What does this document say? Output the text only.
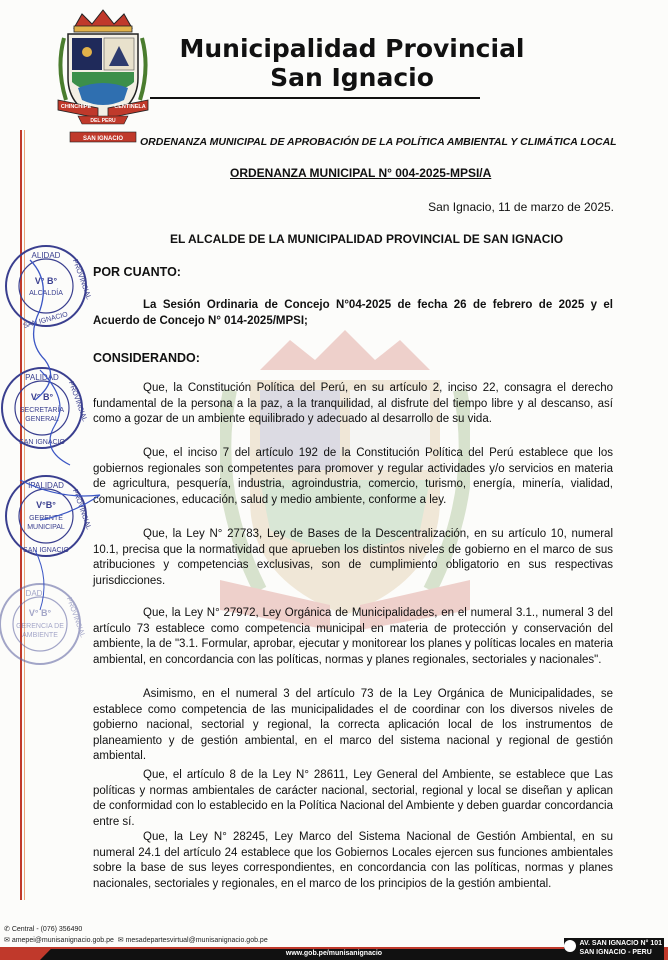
CHINCHIPE	CENTINELA
DEL PERU
SAN IGNACIO
Municipalidad Provincial
San Ignacio
ORDENANZA MUNICIPAL DE APROBACIÓN DE LA POLÍTICA AMBIENTAL Y CLIMÁTICA LOCAL
ORDENANZA MUNICIPAL N° 004-2025-MPSI/A
San Ignacio, 11 de marzo de 2025.
EL ALCALDE DE LA MUNICIPALIDAD PROVINCIAL DE SAN IGNACIO
POR CUANTO:

La Sesión Ordinaria de Concejo N°04-2025 de fecha 26 de febrero de 2025 y el Acuerdo de Concejo N° 014-2025/MPSI;

CONSIDERANDO:

Que, la Constitución Política del Perú, en su artículo 2, inciso 22, consagra el derecho fundamental de la persona a la paz, a la tranquilidad, al disfrute del tiempo libre y al descanso, así como a gozar de un ambiente equilibrado y adecuado al desarrollo de su vida.

Que, el inciso 7 del artículo 192 de la Constitución Política del Perú establece que los gobiernos regionales son competentes para promover y regular actividades y/o servicios en materia de agricultura, pesquería, industria, agroindustria, comercio, turismo, energía, minería, vialidad, comunicaciones, educación, salud y medio ambiente, conforme a ley.

Que, la Ley N° 27783, Ley de Bases de la Descentralización, en su artículo 10, numeral 10.1, precisa que la normatividad que aprueben los distintos niveles de gobierno en el marco de sus atribuciones y competencias exclusivas, son de cumplimiento obligatorio en sus respectivas jurisdicciones.

Que, la Ley N° 27972, Ley Orgánica de Municipalidades, en el numeral 3.1., numeral 3 del artículo 73 establece como competencia municipal en materia de protección y conservación del ambiente, la de "3.1. Formular, aprobar, ejecutar y monitorear los planes y políticas locales en materia ambiental, en concordancia con las políticas, normas y planes regionales, sectoriales y nacionales".

Asimismo, en el numeral 3 del artículo 73 de la Ley Orgánica de Municipalidades, se establece como competencia de las municipalidades el de coordinar con los diversos niveles de gobierno nacional, sectorial y regional, la correcta aplicación local de los instrumentos de planeamiento y de gestión ambiental, en el marco del sistema nacional y regional de gestión ambiental.

Que, el artículo 8 de la Ley N° 28611, Ley General del Ambiente, se establece que Las políticas y normas ambientales de carácter nacional, sectorial, regional y local se diseñan y aplican de conformidad con lo establecido en la Política Nacional del Ambiente y deben guardar concordancia entre sí.

Que, la Ley N° 28245, Ley Marco del Sistema Nacional de Gestión Ambiental, en su numeral 24.1 del artículo 24 establece que los Gobiernos Locales ejercen sus funciones ambientales sobre la base de sus leyes correspondientes, en concordancia con las políticas, normas y planes nacionales, sectoriales y regionales, en el marco de los principios de la gestión ambiental.

ALIDAD
PROVINCIAL
V° B°
ALCALDÍA
SAN IGNACIO
PALIDAD
PROVINCIAL
V° B°
SECRETARÍA
GENERAL
SAN IGNACIO
IPALIDAD
PROVINCIAL
V°B°
GERENTE
MUNICIPAL
SAN IGNACIO
DAD
PROVINCIAL
V° B°
GERENCIA DE
AMBIENTE
✆ Central - (076) 356490
✉ amepei@munisanignacio.gob.pe ✉ mesadepartesvirtual@munisanignacio.gob.pe
www.gob.pe/munisanignacio
AV. SAN IGNACIO N° 101
SAN IGNACIO - PERU
